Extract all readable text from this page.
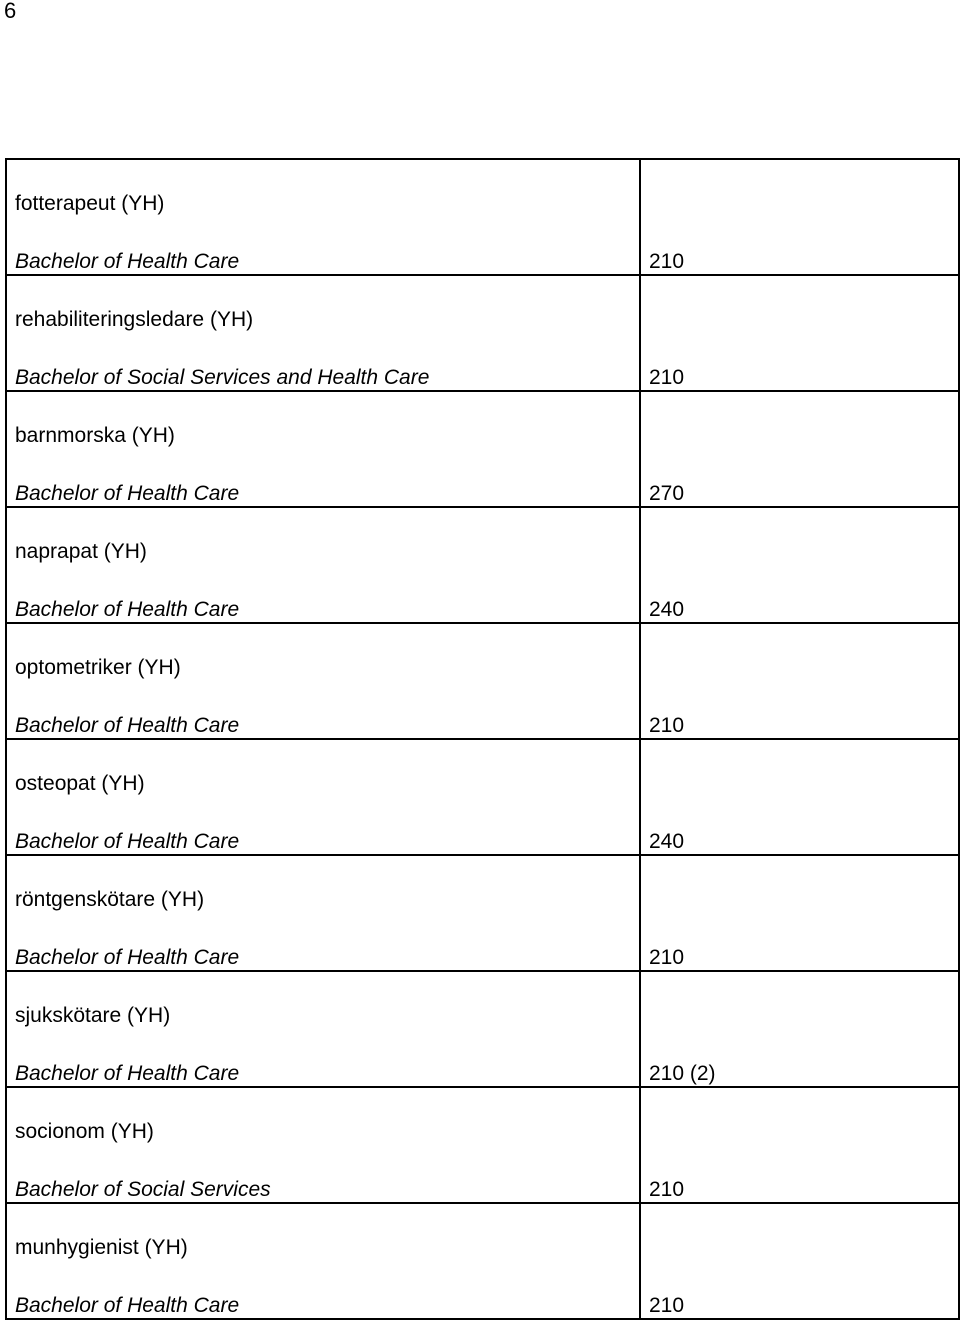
6
fotterapeut (YH)
Bachelor of Health Care	210

rehabiliteringsledare (YH)
Bachelor of Social Services and Health Care	210

barnmorska (YH)
Bachelor of Health Care	270

naprapat (YH)
Bachelor of Health Care	240

optometriker (YH)
Bachelor of Health Care	210

osteopat (YH)
Bachelor of Health Care	240

röntgenskötare (YH)
Bachelor of Health Care	210

sjukskötare (YH)
Bachelor of Health Care	210 (2)

socionom (YH)
Bachelor of Social Services	210

munhygienist (YH)
Bachelor of Health Care	210
